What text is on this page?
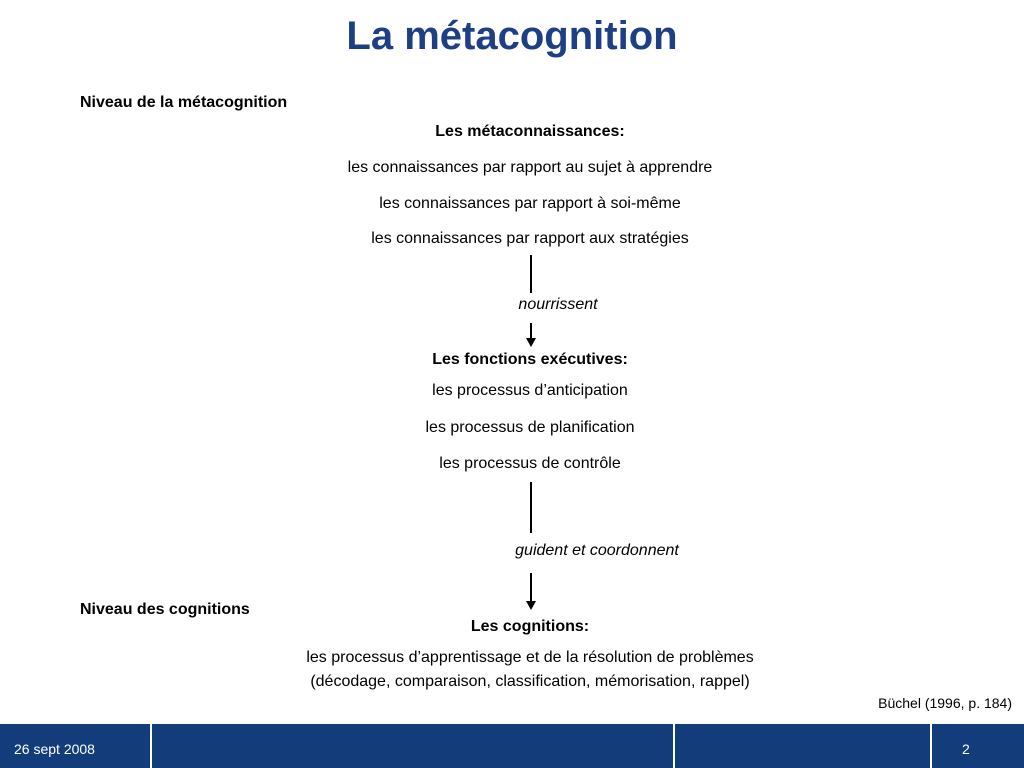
La métacognition
Niveau de la métacognition
Les métaconnaissances:
les connaissances par rapport au sujet à apprendre
les connaissances par rapport à soi-même
les connaissances par rapport aux stratégies
nourrissent
Les fonctions exécutives:
les processus d’anticipation
les processus de planification
les processus de contrôle
guident et coordonnent
Niveau des cognitions
Les cognitions:
les processus d’apprentissage et de la résolution de problèmes
(décodage, comparaison, classification, mémorisation, rappel)
Büchel (1996, p. 184)
26 sept 2008	2
